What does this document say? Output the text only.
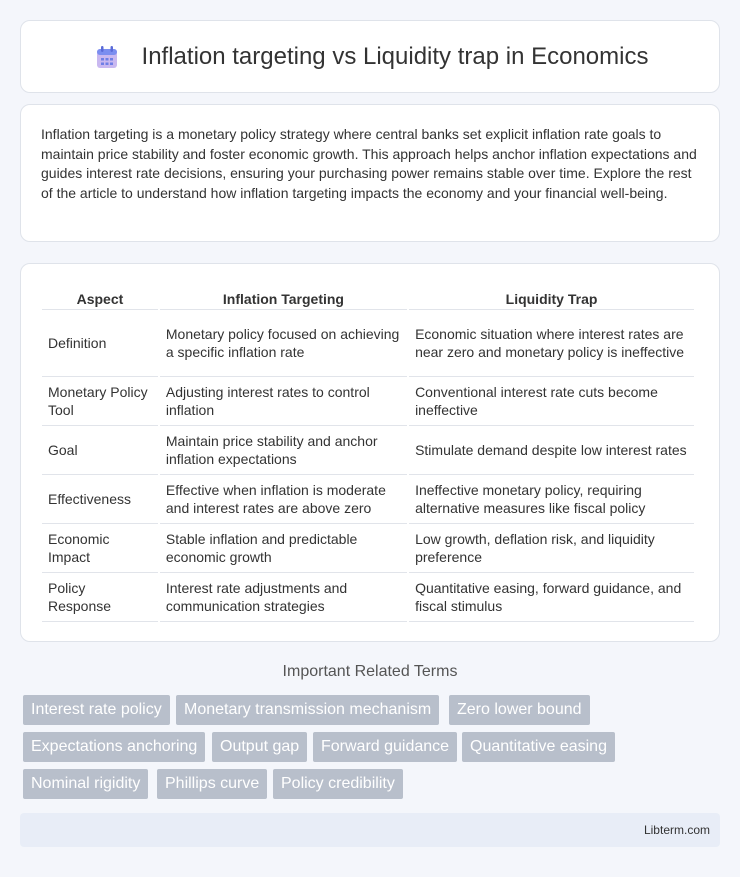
Inflation targeting vs Liquidity trap in Economics

Inflation targeting is a monetary policy strategy where central banks set explicit inflation rate goals to maintain price stability and foster economic growth. This approach helps anchor inflation expectations and guides interest rate decisions, ensuring your purchasing power remains stable over time. Explore the rest of the article to understand how inflation targeting impacts the economy and your financial well-being.

Aspect	Inflation Targeting	Liquidity Trap
Definition	Monetary policy focused on achieving a specific inflation rate	Economic situation where interest rates are near zero and monetary policy is ineffective
Monetary Policy Tool	Adjusting interest rates to control inflation	Conventional interest rate cuts become ineffective
Goal	Maintain price stability and anchor inflation expectations	Stimulate demand despite low interest rates
Effectiveness	Effective when inflation is moderate and interest rates are above zero	Ineffective monetary policy, requiring alternative measures like fiscal policy
Economic Impact	Stable inflation and predictable economic growth	Low growth, deflation risk, and liquidity preference
Policy Response	Interest rate adjustments and communication strategies	Quantitative easing, forward guidance, and fiscal stimulus
Important Related Terms
Interest rate policy	Monetary transmission mechanism	Zero lower bound
Expectations anchoring	Output gap	Forward guidance	Quantitative easing
Nominal rigidity	Phillips curve	Policy credibility
Libterm.com
